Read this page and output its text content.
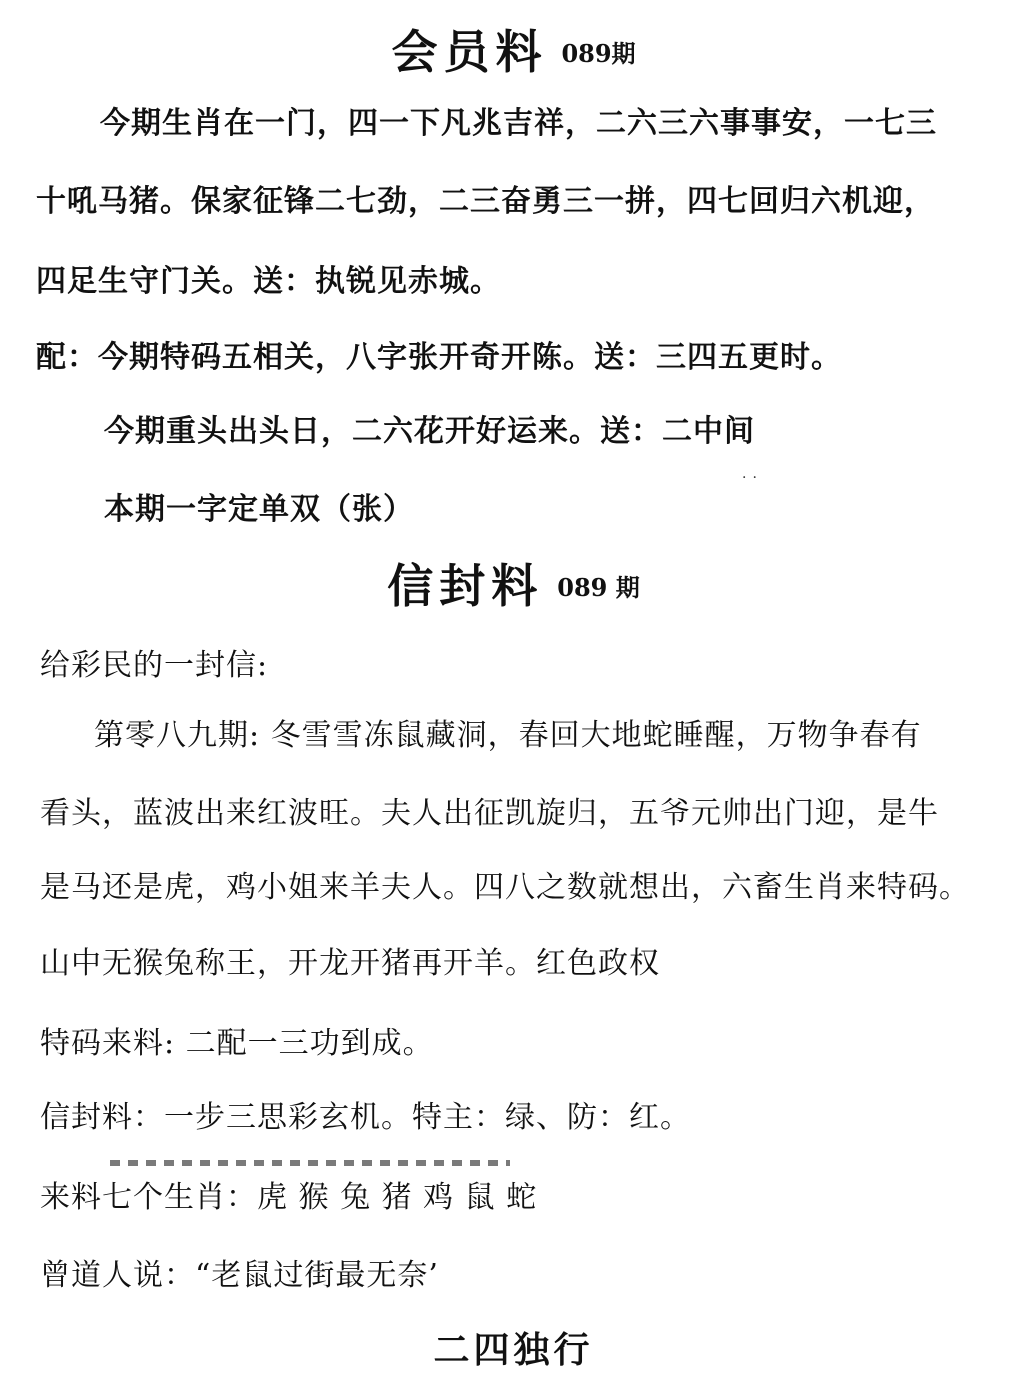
会员料 089期
今期生肖在一门，四一下凡兆吉祥，二六三六事事安，一七三
十吼马猪。保家征锋二七劲，二三奋勇三一拼，四七回归六机迎，
四足生守门关。送：执锐见赤城。
配：今期特码五相关，八字张开奇开陈。送：三四五更时。
今期重头出头日，二六花开好运来。送：二中间
本期一字定单双（张）
··
信封料 089 期
给彩民的一封信:
第零八九期: 冬雪雪冻鼠藏洞，春回大地蛇睡醒，万物争春有
看头，蓝波出来红波旺。夫人出征凯旋归，五爷元帅出门迎，是牛
是马还是虎，鸡小姐来羊夫人。四八之数就想出，六畜生肖来特码。
山中无猴兔称王，开龙开猪再开羊。红色政权
特码来料: 二配一三功到成。
信封料：一步三思彩玄机。特主：绿、防：红。
来料七个生肖：虎 猴 兔 猪 鸡 鼠 蛇
曾道人说：“老鼠过街最无奈’
二四独行
